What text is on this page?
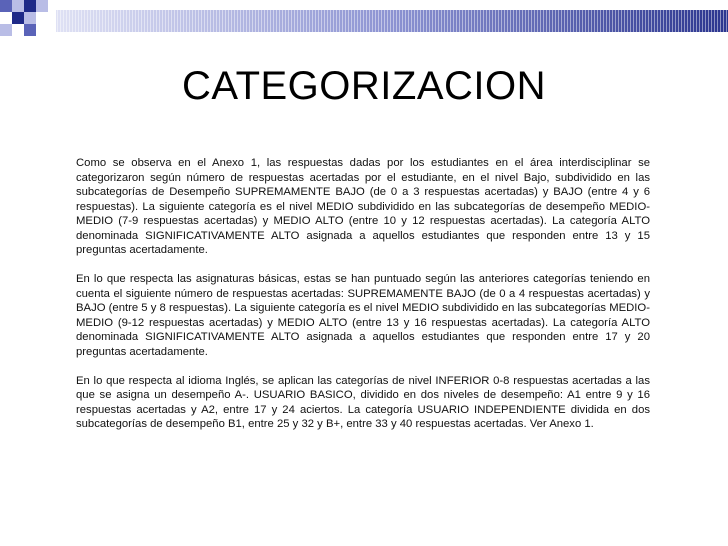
CATEGORIZACION

Como se observa en el Anexo 1, las respuestas dadas por los estudiantes en el área interdisciplinar se categorizaron según número de respuestas acertadas por el estudiante, en el nivel Bajo, subdividido en las subcategorías de Desempeño SUPREMAMENTE BAJO (de 0 a 3 respuestas acertadas) y BAJO (entre 4 y 6 respuestas). La siguiente categoría es el nivel MEDIO subdividido en las subcategorías de desempeño MEDIO-MEDIO (7-9 respuestas acertadas) y MEDIO ALTO (entre 10 y 12 respuestas acertadas). La categoría ALTO denominada SIGNIFICATIVAMENTE ALTO asignada a aquellos estudiantes que responden entre 13 y 15 preguntas acertadamente.

En lo que respecta las asignaturas básicas, estas se han puntuado según las anteriores categorías teniendo en cuenta el siguiente número de respuestas acertadas: SUPREMAMENTE BAJO (de 0 a 4 respuestas acertadas) y BAJO (entre 5 y 8 respuestas). La siguiente categoría es el nivel MEDIO subdividido en las subcategorías MEDIO-MEDIO (9-12 respuestas acertadas) y MEDIO ALTO (entre 13 y 16 respuestas acertadas). La categoría ALTO denominada SIGNIFICATIVAMENTE ALTO asignada a aquellos estudiantes que responden entre 17 y 20 preguntas acertadamente.

En lo que respecta al idioma Inglés, se aplican las categorías de nivel INFERIOR 0-8 respuestas acertadas a las que se asigna un desempeño A-. USUARIO BASICO, dividido en dos niveles de desempeño: A1 entre 9 y 16 respuestas acertadas y A2, entre 17 y 24 aciertos. La categoría USUARIO INDEPENDIENTE dividida en dos subcategorías de desempeño B1, entre 25 y 32 y B+, entre 33 y 40 respuestas acertadas. Ver Anexo 1.
